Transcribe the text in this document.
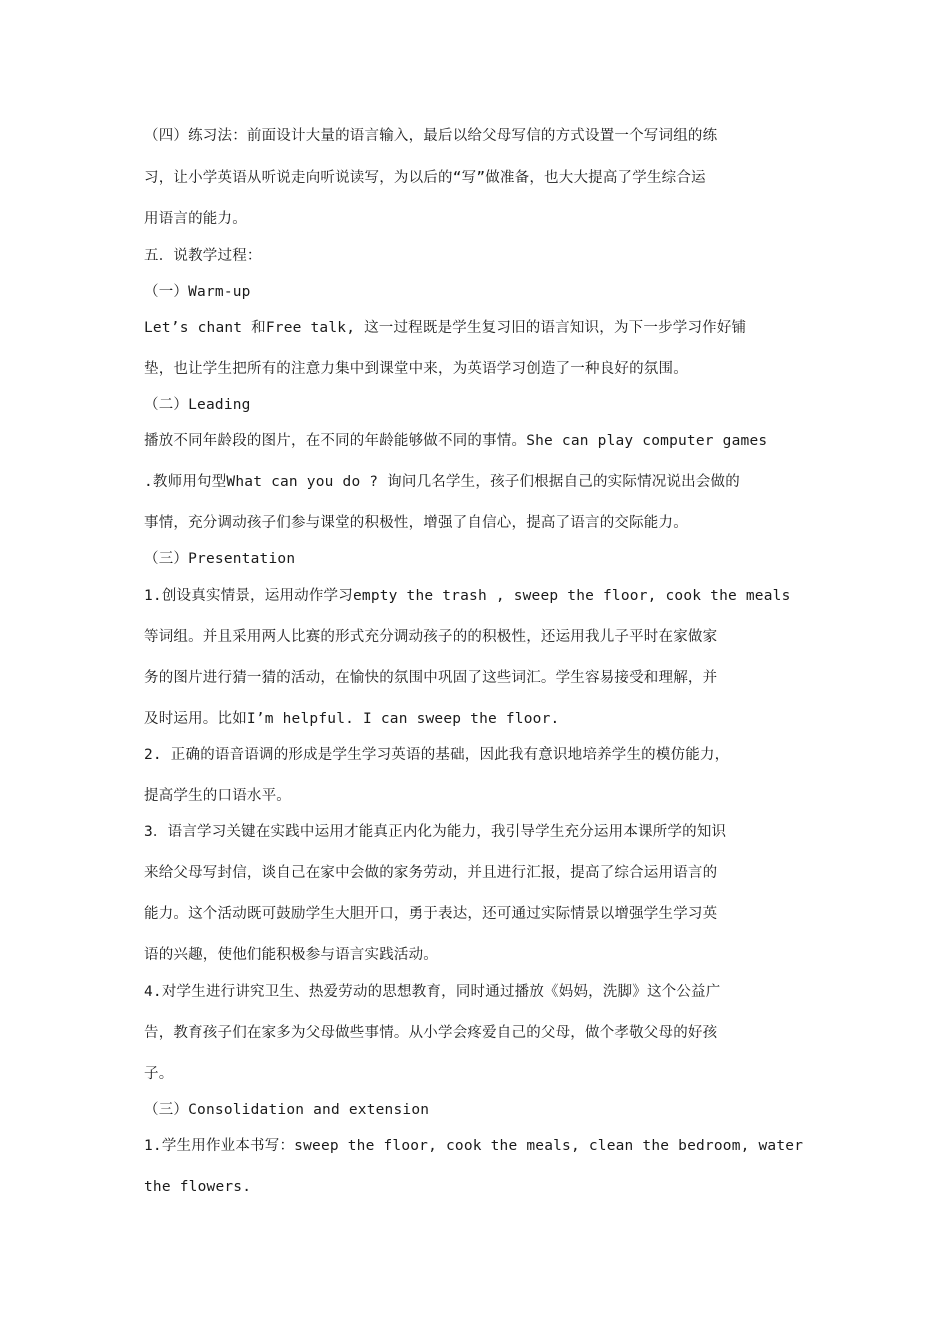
（四）练习法：前面设计大量的语言输入，最后以给父母写信的方式设置一个写词组的练
习，让小学英语从听说走向听说读写，为以后的“写”做准备，也大大提高了学生综合运
用语言的能力。
五．说教学过程：
（一）Warm-up
Let’s chant 和Free talk, 这一过程既是学生复习旧的语言知识，为下一步学习作好铺
垫，也让学生把所有的注意力集中到课堂中来，为英语学习创造了一种良好的氛围。
（二）Leading
播放不同年龄段的图片，在不同的年龄能够做不同的事情。She can play computer games
.教师用句型What can you do ? 询问几名学生，孩子们根据自己的实际情况说出会做的
事情，充分调动孩子们参与课堂的积极性，增强了自信心，提高了语言的交际能力。
（三）Presentation
1.创设真实情景，运用动作学习empty the trash , sweep the floor, cook the meals
等词组。并且采用两人比赛的形式充分调动孩子的的积极性，还运用我儿子平时在家做家
务的图片进行猜一猜的活动，在愉快的氛围中巩固了这些词汇。学生容易接受和理解，并
及时运用。比如I’m helpful. I can sweep the floor.
2. 正确的语音语调的形成是学生学习英语的基础，因此我有意识地培养学生的模仿能力，
提高学生的口语水平。
3．语言学习关键在实践中运用才能真正内化为能力，我引导学生充分运用本课所学的知识
来给父母写封信，谈自己在家中会做的家务劳动，并且进行汇报，提高了综合运用语言的
能力。这个活动既可鼓励学生大胆开口，勇于表达，还可通过实际情景以增强学生学习英
语的兴趣，使他们能积极参与语言实践活动。
4.对学生进行讲究卫生、热爱劳动的思想教育，同时通过播放《妈妈，洗脚》这个公益广
告，教育孩子们在家多为父母做些事情。从小学会疼爱自己的父母，做个孝敬父母的好孩
子。
（三）Consolidation and extension
1.学生用作业本书写：sweep the floor, cook the meals, clean the bedroom, water
the flowers.
